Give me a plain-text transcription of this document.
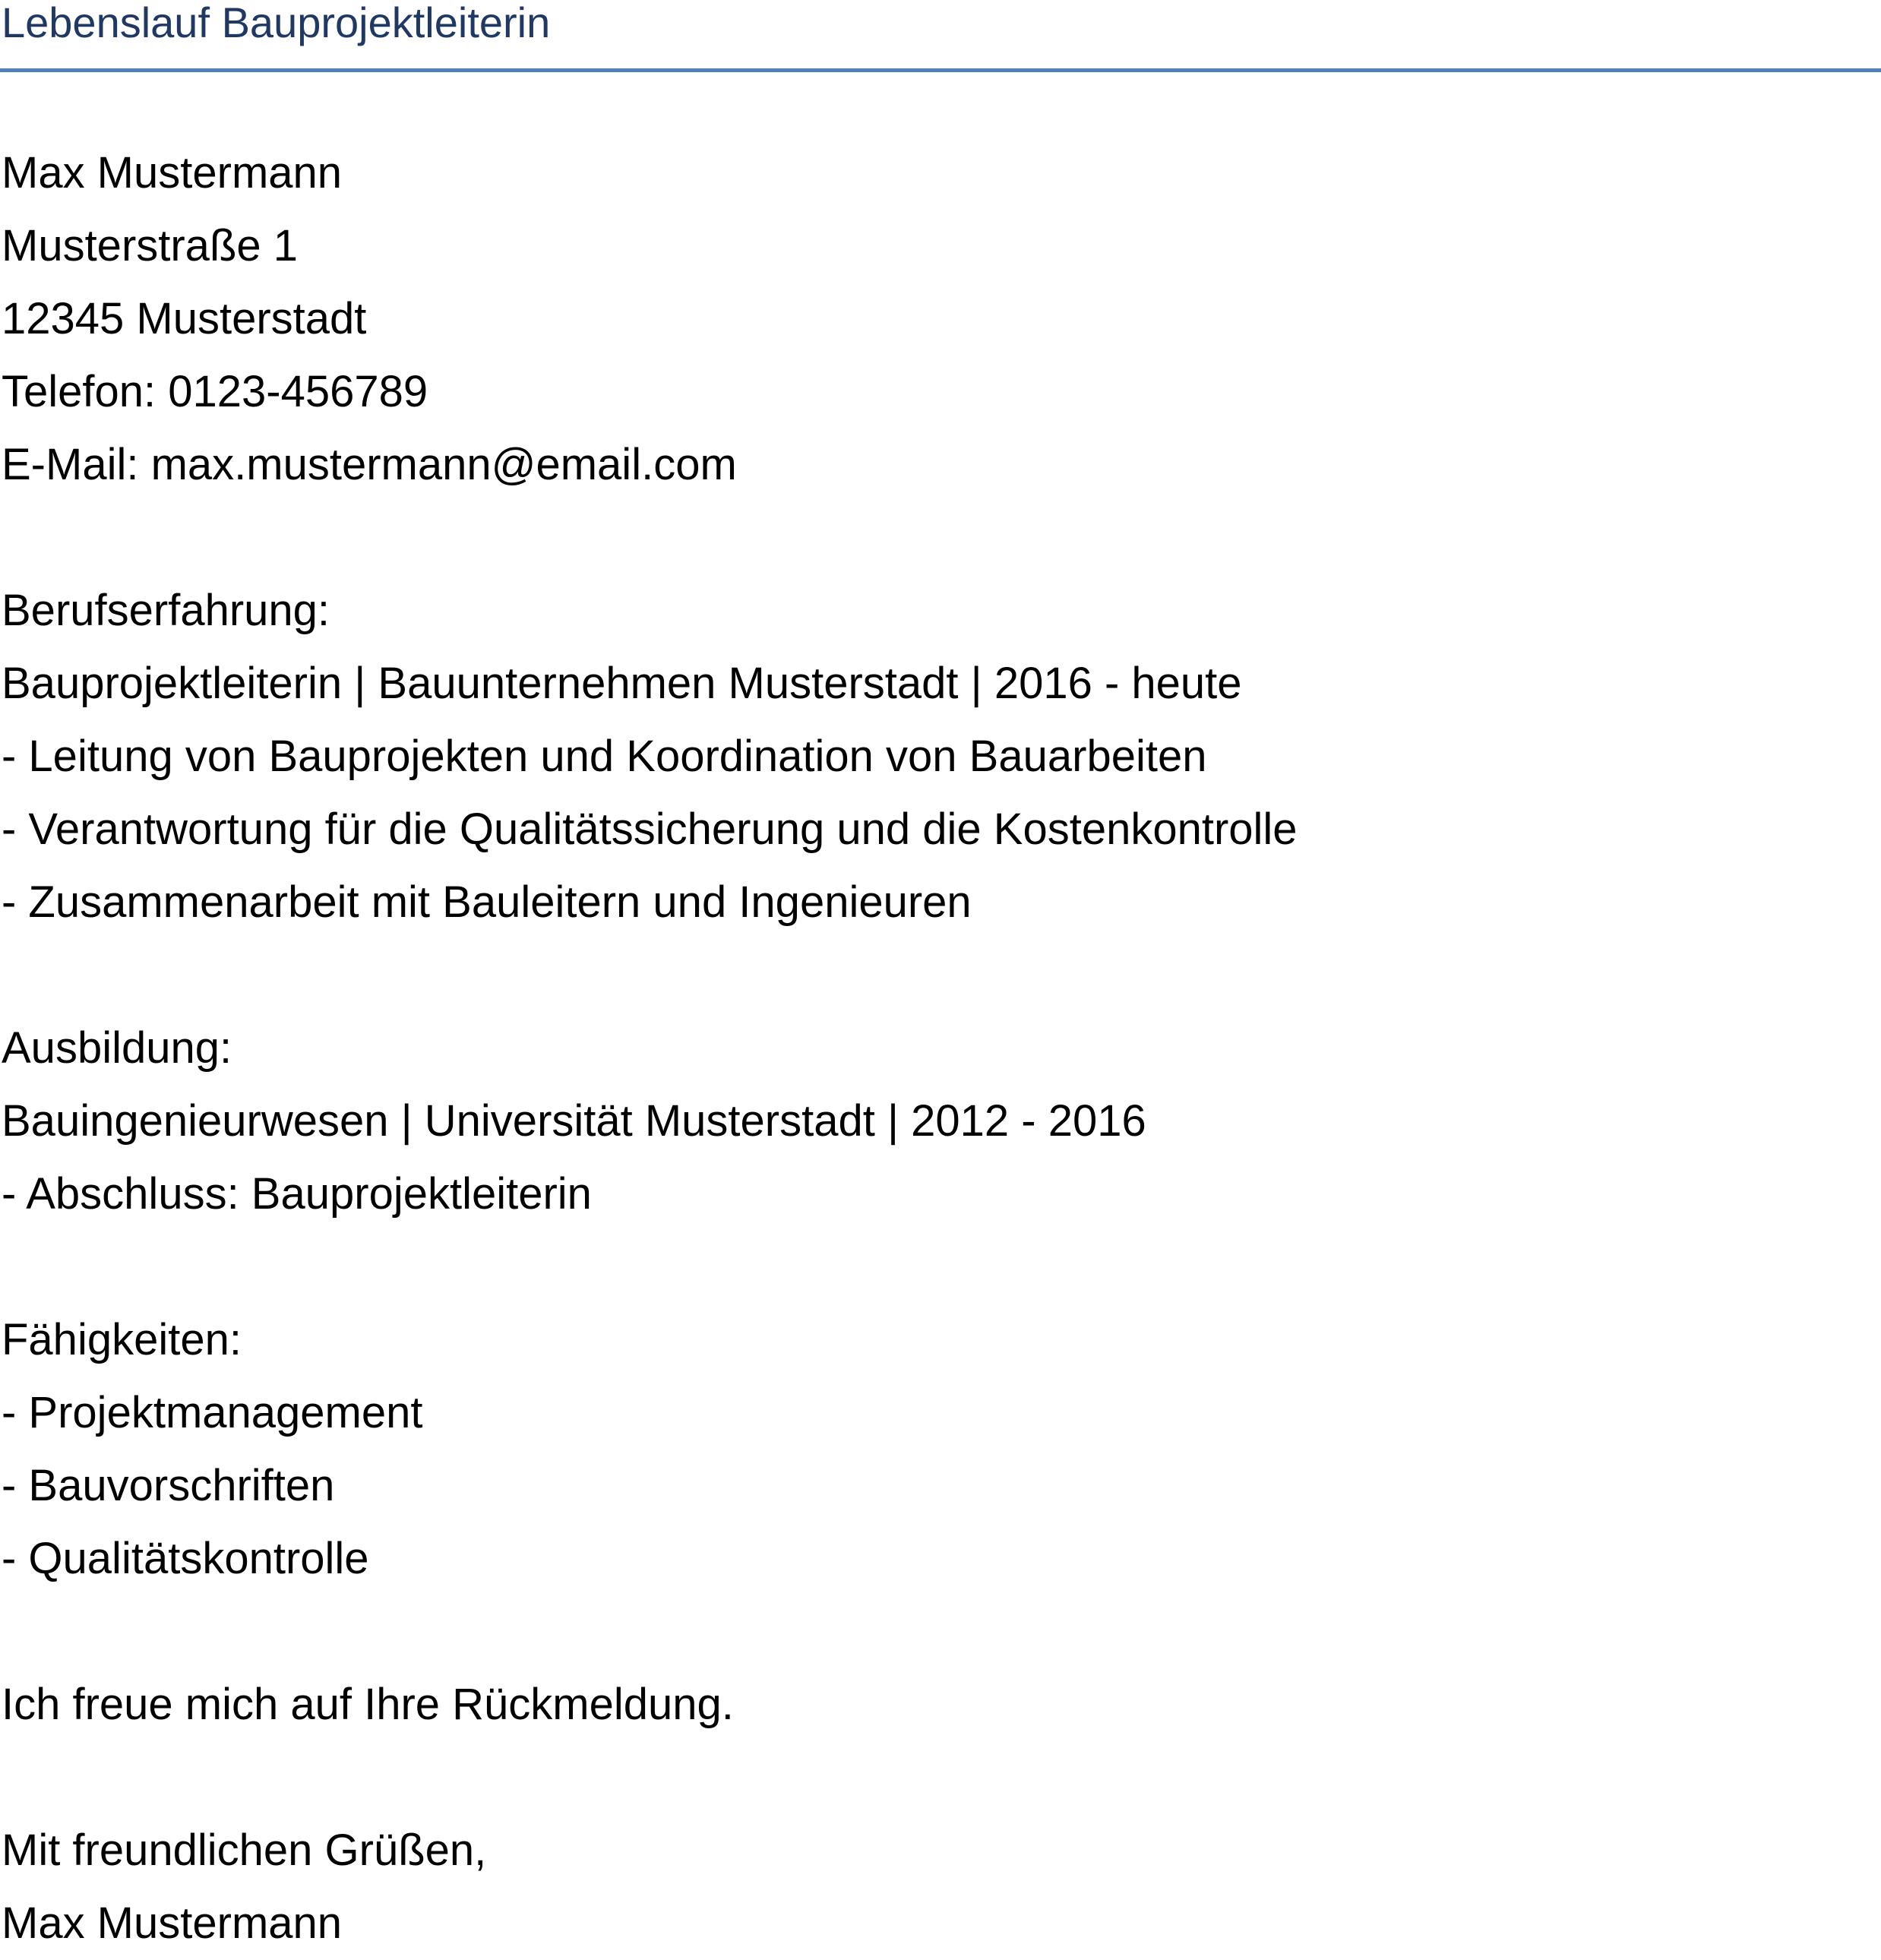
Lebenslauf Bauprojektleiterin
Max Mustermann
Musterstraße 1
12345 Musterstadt
Telefon: 0123-456789
E-Mail: max.mustermann@email.com
Berufserfahrung:
Bauprojektleiterin | Bauunternehmen Musterstadt | 2016 - heute
- Leitung von Bauprojekten und Koordination von Bauarbeiten
- Verantwortung für die Qualitätssicherung und die Kostenkontrolle
- Zusammenarbeit mit Bauleitern und Ingenieuren
Ausbildung:
Bauingenieurwesen | Universität Musterstadt | 2012 - 2016
- Abschluss: Bauprojektleiterin
Fähigkeiten:
- Projektmanagement
- Bauvorschriften
- Qualitätskontrolle
Ich freue mich auf Ihre Rückmeldung.
Mit freundlichen Grüßen,
Max Mustermann
